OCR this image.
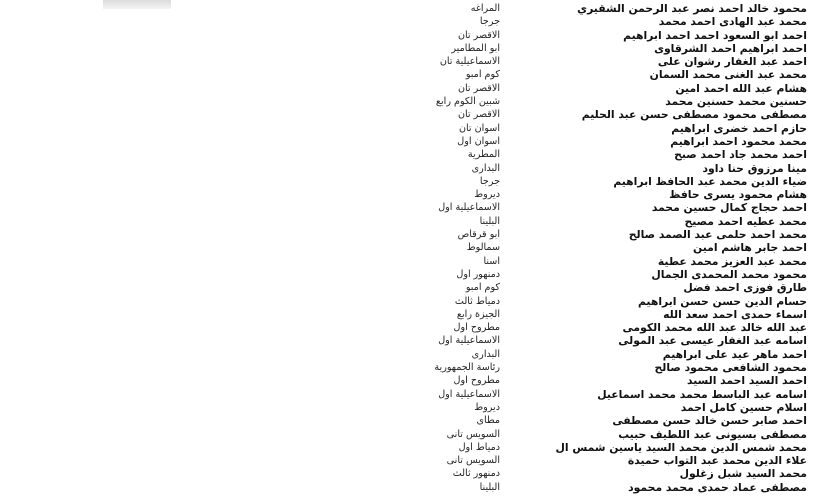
محمود خالد احمد نصر عبد الرحمن الشقيري
المراغه
محمد عبد الهادى احمد محمد
جرجا
احمد ابو السعود احمد احمد ابراهيم
الاقصر تان
احمد ابراهيم احمد الشرقاوى
ابو المطامير
احمد عبد الغفار رشوان على
الاسماعيلية تان
محمد عبد الغنى محمد السمان
كوم امبو
هشام عبد الله احمد امين
الاقصر تان
حسنين محمد حسنين محمد
شبين الكوم رابع
مصطفى محمود مصطفى حسن عبد الحليم
الاقصر تان
حازم احمد خضرى ابراهيم
اسوان تان
محمد محمود احمد ابراهيم
اسوان اول
احمد محمد جاد احمد صبح
المطرية
مينا مرزوق حنا داود
البدارى
ضياء الدين محمد عبد الحافظ ابراهيم
جرجا
هشام محمود يسرى حافظ
ديروط
احمد حجاج كمال حسين محمد
الاسماعيلية اول
محمد عطيه احمد مصيح
البلينا
محمد احمد حلمى عبد الصمد صالح
ابو قرقاص
احمد جابر هاشم امين
سمالوط
محمد عبد العزيز محمد عطية
اسنا
محمود محمد المحمدى الجمال
دمنهور اول
طارق فوزى احمد فضل
كوم امبو
حسام الدين حسن حسن ابراهيم
دمياط ثالث
اسماء حمدى احمد سعد الله
الجيزة رابع
عبد الله خالد عبد الله محمد الكومى
مطروح اول
اسامه عبد الغفار عيسى عبد المولى
الاسماعيلية اول
احمد ماهر عيد على ابراهيم
البدارى
محمود الشافعى محمود صالح
رئاسة الجمهورية
احمد السيد احمد السيد
مطروح اول
اسامه عبد الباسط محمد محمد اسماعيل
الاسماعيلية اول
اسلام حسين كامل احمد
ديروط
احمد صابر حسن خالد حسن مصطفى
مطاى
مصطفى بسيونى عبد اللطيف حبيب
السويس تانى
محمد شمس الدين محمد السيد ياسين شمس ال
دمياط اول
علاء الدين محمد عبد التواب حميدة
السويس تانى
محمد السيد شبل زغلول
دمنهور ثالث
مصطفى عماد حمدى محمد محمود
البلينا
